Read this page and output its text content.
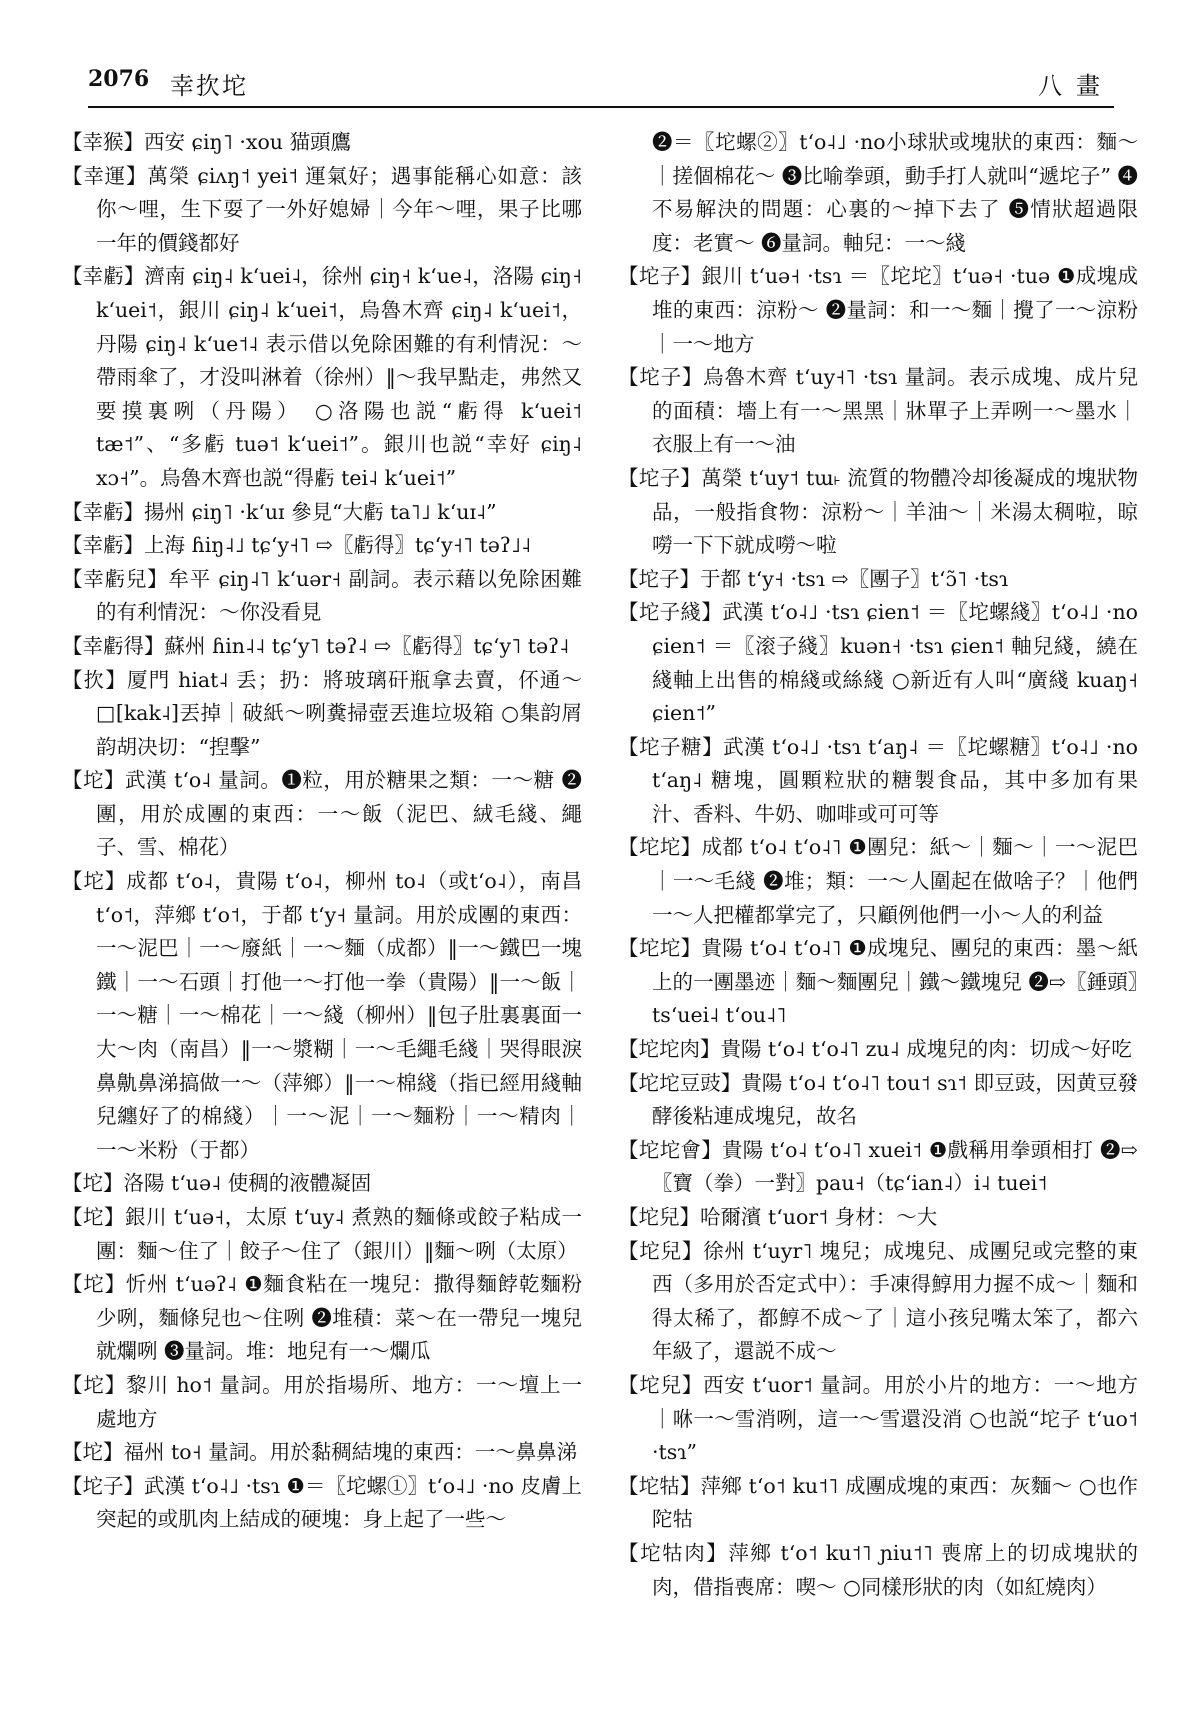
2076 幸扻坨	八畫

【幸猴】西安 ɕiŋ˥ ·xou 猫頭鷹

【幸運】萬榮 ɕiʌŋ˦ yei˦ 運氣好；遇事能稱心如意：該你～哩，生下耍了一外好媳婦｜今年～哩，果子比哪一年的價錢都好

【幸虧】濟南 ɕiŋ˨ kʻuei˨，徐州 ɕiŋ˧ kʻue˨，洛陽 ɕiŋ˧ kʻuei˦，銀川 ɕiŋ˨ kʻuei˦，烏魯木齊 ɕiŋ˨ kʻuei˦，丹陽 ɕiŋ˨ kʻue˦˨ 表示借以免除困難的有利情況：～帶雨傘了，才没叫淋着（徐州）‖～我早點走，弗然又要摸裏咧（丹陽） ○洛陽也説“虧得 kʻuei˦ tæ˦”、“多虧 tuə˦ kʻuei˦”。銀川也説“幸好 ɕiŋ˨ xɔ˧”。烏魯木齊也説“得虧 tei˨ kʻuei˦”

【幸虧】揚州 ɕiŋ˥ ·kʻuɪ 參見“大虧 ta˥˩ kʻuɪ˨”

【幸虧】上海 ɦiŋ˨˩ tɕʻy˧˥ ⇨〖虧得〗tɕʻy˧˥ təʔ˩˨

【幸虧兒】牟平 ɕiŋ˨˥ kʻuər˧ 副詞。表示藉以免除困難的有利情況：～你没看見

【幸虧得】蘇州 ɦin˨˨ tɕʻy˥ təʔ˨ ⇨〖虧得〗tɕʻy˥ təʔ˨

【扻】厦門 hiat˨ 丢；扔：將玻璃矸瓶拿去賣，伓通～□[kak˨]丟掉｜破紙～咧糞掃壺丟進垃圾箱 ○集韵屑韵胡决切：“揑擊”

【坨】武漢 tʻo˨ 量詞。❶粒，用於糖果之類：一～糖 ❷團，用於成團的東西：一～飯（泥巴、絨毛綫、繩子、雪、棉花）

【坨】成都 tʻo˨，貴陽 tʻo˨，柳州 to˨（或tʻo˨），南昌 tʻo˦，萍鄉 tʻo˦，于都 tʻy˧ 量詞。用於成團的東西：一～泥巴｜一～廢紙｜一～麵（成都）‖一～鐵巴一塊鐵｜一～石頭｜打他一～打他一拳（貴陽）‖一～飯｜一～糖｜一～棉花｜一～綫（柳州）‖包子肚裏裏面一大～肉（南昌）‖一～漿糊｜一～毛繩毛綫｜哭得眼淚鼻鼽鼻涕搞做一～（萍鄉）‖一～棉綫（指已經用綫軸兒纏好了的棉綫）｜一～泥｜一～麵粉｜一～精肉｜一～米粉（于都）

【坨】洛陽 tʻuə˨ 使稠的液體凝固

【坨】銀川 tʻuə˧，太原 tʻuy˨ 煮熟的麵條或餃子粘成一團：麵～住了｜餃子～住了（銀川）‖麵～咧（太原）

【坨】忻州 tʻuəʔ˨ ❶麵食粘在一塊兒：撒得麵餑乾麵粉少咧，麵條兒也～住咧 ❷堆積：菜～在一帶兒一塊兒就爛咧 ❸量詞。堆：地兒有一～爛瓜

【坨】黎川 ho˦ 量詞。用於指場所、地方：一～壇上一處地方

【坨】福州 to˧ 量詞。用於黏稠結塊的東西：一～鼻鼻涕

【坨子】武漢 tʻo˨˩ ·tsɿ ❶＝〖坨螺①〗tʻo˨˩ ·no 皮膚上突起的或肌肉上結成的硬塊：身上起了一些～

❷＝〖坨螺②〗tʻo˨˩ ·no小球狀或塊狀的東西：麵～｜搓個棉花～ ❸比喻拳頭，動手打人就叫“遞坨子” ❹不易解決的問題：心裏的～掉下去了 ❺情狀超過限度：老實～ ❻量詞。軸兒：一～綫

【坨子】銀川 tʻuə˧ ·tsɿ ＝〖坨坨〗tʻuə˧ ·tuə ❶成塊成堆的東西：涼粉～ ❷量詞：和一～麵｜攪了一～涼粉｜一～地方

【坨子】烏魯木齊 tʻuy˧˥ ·tsɿ 量詞。表示成塊、成片兒的面積：墻上有一～黑黑｜牀單子上弄咧一～墨水｜衣服上有一～油

【坨子】萬榮 tʻuy˦ tɯ˫ 流質的物體冷却後凝成的塊狀物品，一般指食物：涼粉～｜羊油～｜米湯太稠啦，晾嘮一下下就成嘮～啦

【坨子】于都 tʻy˧ ·tsɿ ⇨〖團子〗tʻɔ̃˥ ·tsɿ

【坨子綫】武漢 tʻo˨˩ ·tsɿ ɕien˦ ＝〖坨螺綫〗tʻo˨˩ ·no ɕien˦ ＝〖滚子綫〗kuən˧ ·tsɿ ɕien˦ 軸兒綫，繞在綫軸上出售的棉綫或絲綫 ○新近有人叫“廣綫 kuaŋ˧ ɕien˦”

【坨子糖】武漢 tʻo˨˩ ·tsɿ tʻaŋ˨ ＝〖坨螺糖〗tʻo˨˩ ·no tʻaŋ˨ 糖塊，圓顆粒狀的糖製食品，其中多加有果汁、香料、牛奶、咖啡或可可等

【坨坨】成都 tʻo˨ tʻo˨˥ ❶團兒：紙～｜麵～｜一～泥巴｜一～毛綫 ❷堆；類：一～人圍起在做啥子？｜他們一～人把權都掌完了，只顧例他們一小～人的利益

【坨坨】貴陽 tʻo˨ tʻo˨˥ ❶成塊兒、團兒的東西：墨～紙上的一團墨迹｜麵～麵團兒｜鐵～鐵塊兒 ❷⇨〖錘頭〗tsʻuei˨ tʻou˨˥

【坨坨肉】貴陽 tʻo˨ tʻo˨˥ zu˨ 成塊兒的肉：切成～好吃

【坨坨豆豉】貴陽 tʻo˨ tʻo˨˥ tou˦ sɿ˦ 即豆豉，因黄豆發酵後粘連成塊兒，故名

【坨坨會】貴陽 tʻo˨ tʻo˨˥ xuei˦ ❶戲稱用拳頭相打 ❷⇨〖寶（拳）一對〗pau˧（tɕʻian˨）i˨ tuei˦

【坨兒】哈爾濱 tʻuor˦ 身材：～大

【坨兒】徐州 tʻuyr˥ 塊兒；成塊兒、成團兒或完整的東西（多用於否定式中）：手凍得鯙用力握不成～｜麵和得太稀了，都鯙不成～了｜這小孩兒嘴太笨了，都六年級了，還説不成～

【坨兒】西安 tʻuor˦ 量詞。用於小片的地方：一～地方｜咻一～雪消咧，這一～雪還没消 ○也説“坨子 tʻuo˦ ·tsɿ”

【坨牯】萍鄉 tʻo˦ ku˦˥ 成團成塊的東西：灰麵～ ○也作陀牯

【坨牯肉】萍鄉 tʻo˦ ku˦˥ ɲiu˦˥ 喪席上的切成塊狀的肉，借指喪席：喫～ ○同樣形狀的肉（如紅燒肉）
